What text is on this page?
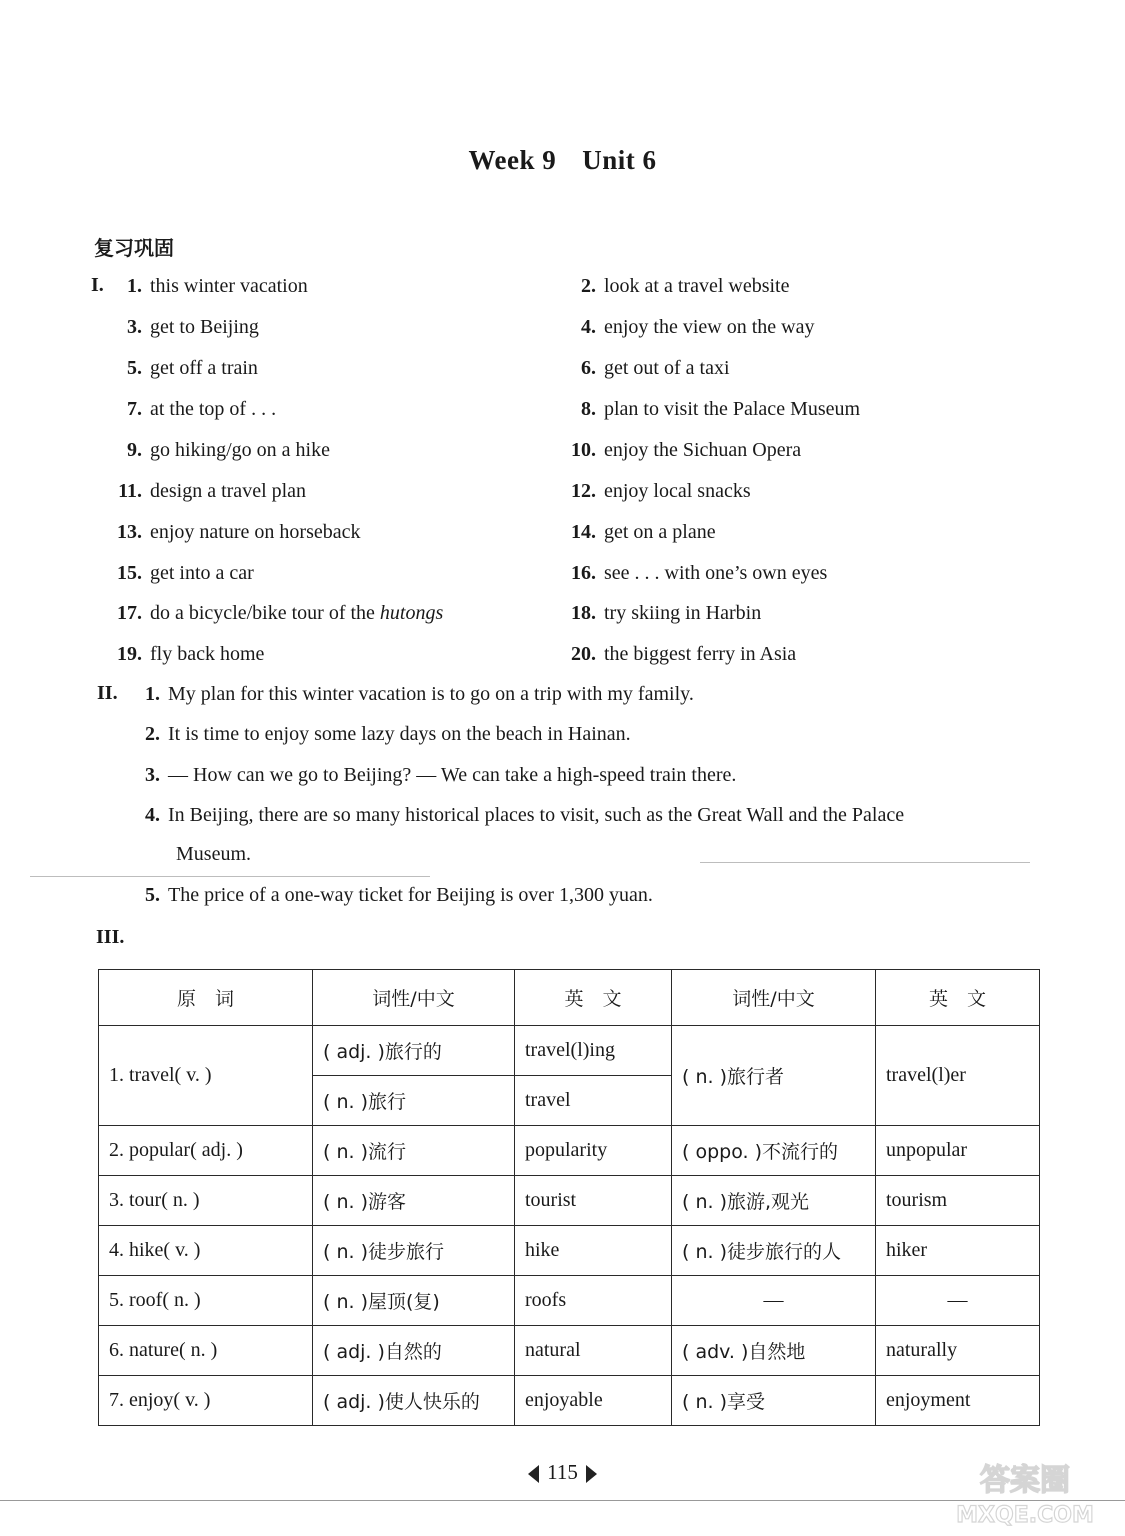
Week 9 Unit 6
复习巩固
I.	1. this winter vacation	2. look at a travel website
3. get to Beijing	4. enjoy the view on the way
5. get off a train	6. get out of a taxi
7. at the top of . . .	8. plan to visit the Palace Museum
9. go hiking/go on a hike	10. enjoy the Sichuan Opera
11. design a travel plan	12. enjoy local snacks
13. enjoy nature on horseback	14. get on a plane
15. get into a car	16. see . . . with one’s own eyes
17. do a bicycle/bike tour of the hutongs	18. try skiing in Harbin
19. fly back home	20. the biggest ferry in Asia
II. 1. My plan for this winter vacation is to go on a trip with my family.
2. It is time to enjoy some lazy days on the beach in Hainan.
3. — How can we go to Beijing? — We can take a high-speed train there.
4. In Beijing, there are so many historical places to visit, such as the Great Wall and the Palace
Museum.
5. The price of a one-way ticket for Beijing is over 1,300 yuan.
III.
原　词	词性/中文	英　文	词性/中文	英　文
1. travel( v. )	( adj. )旅行的	travel(l)ing	( n. )旅行者	travel(l)er
	( n. )旅行	travel		
2. popular( adj. )	( n. )流行	popularity	( oppo. )不流行的	unpopular
3. tour( n. )	( n. )游客	tourist	( n. )旅游,观光	tourism
4. hike( v. )	( n. )徒步旅行	hike	( n. )徒步旅行的人	hiker
5. roof( n. )	( n. )屋顶(复)	roofs	—	—
6. nature( n. )	( adj. )自然的	natural	( adv. )自然地	naturally
7. enjoy( v. )	( adj. )使人快乐的	enjoyable	( n. )享受	enjoyment
115	答案圈
MXQE.COM
